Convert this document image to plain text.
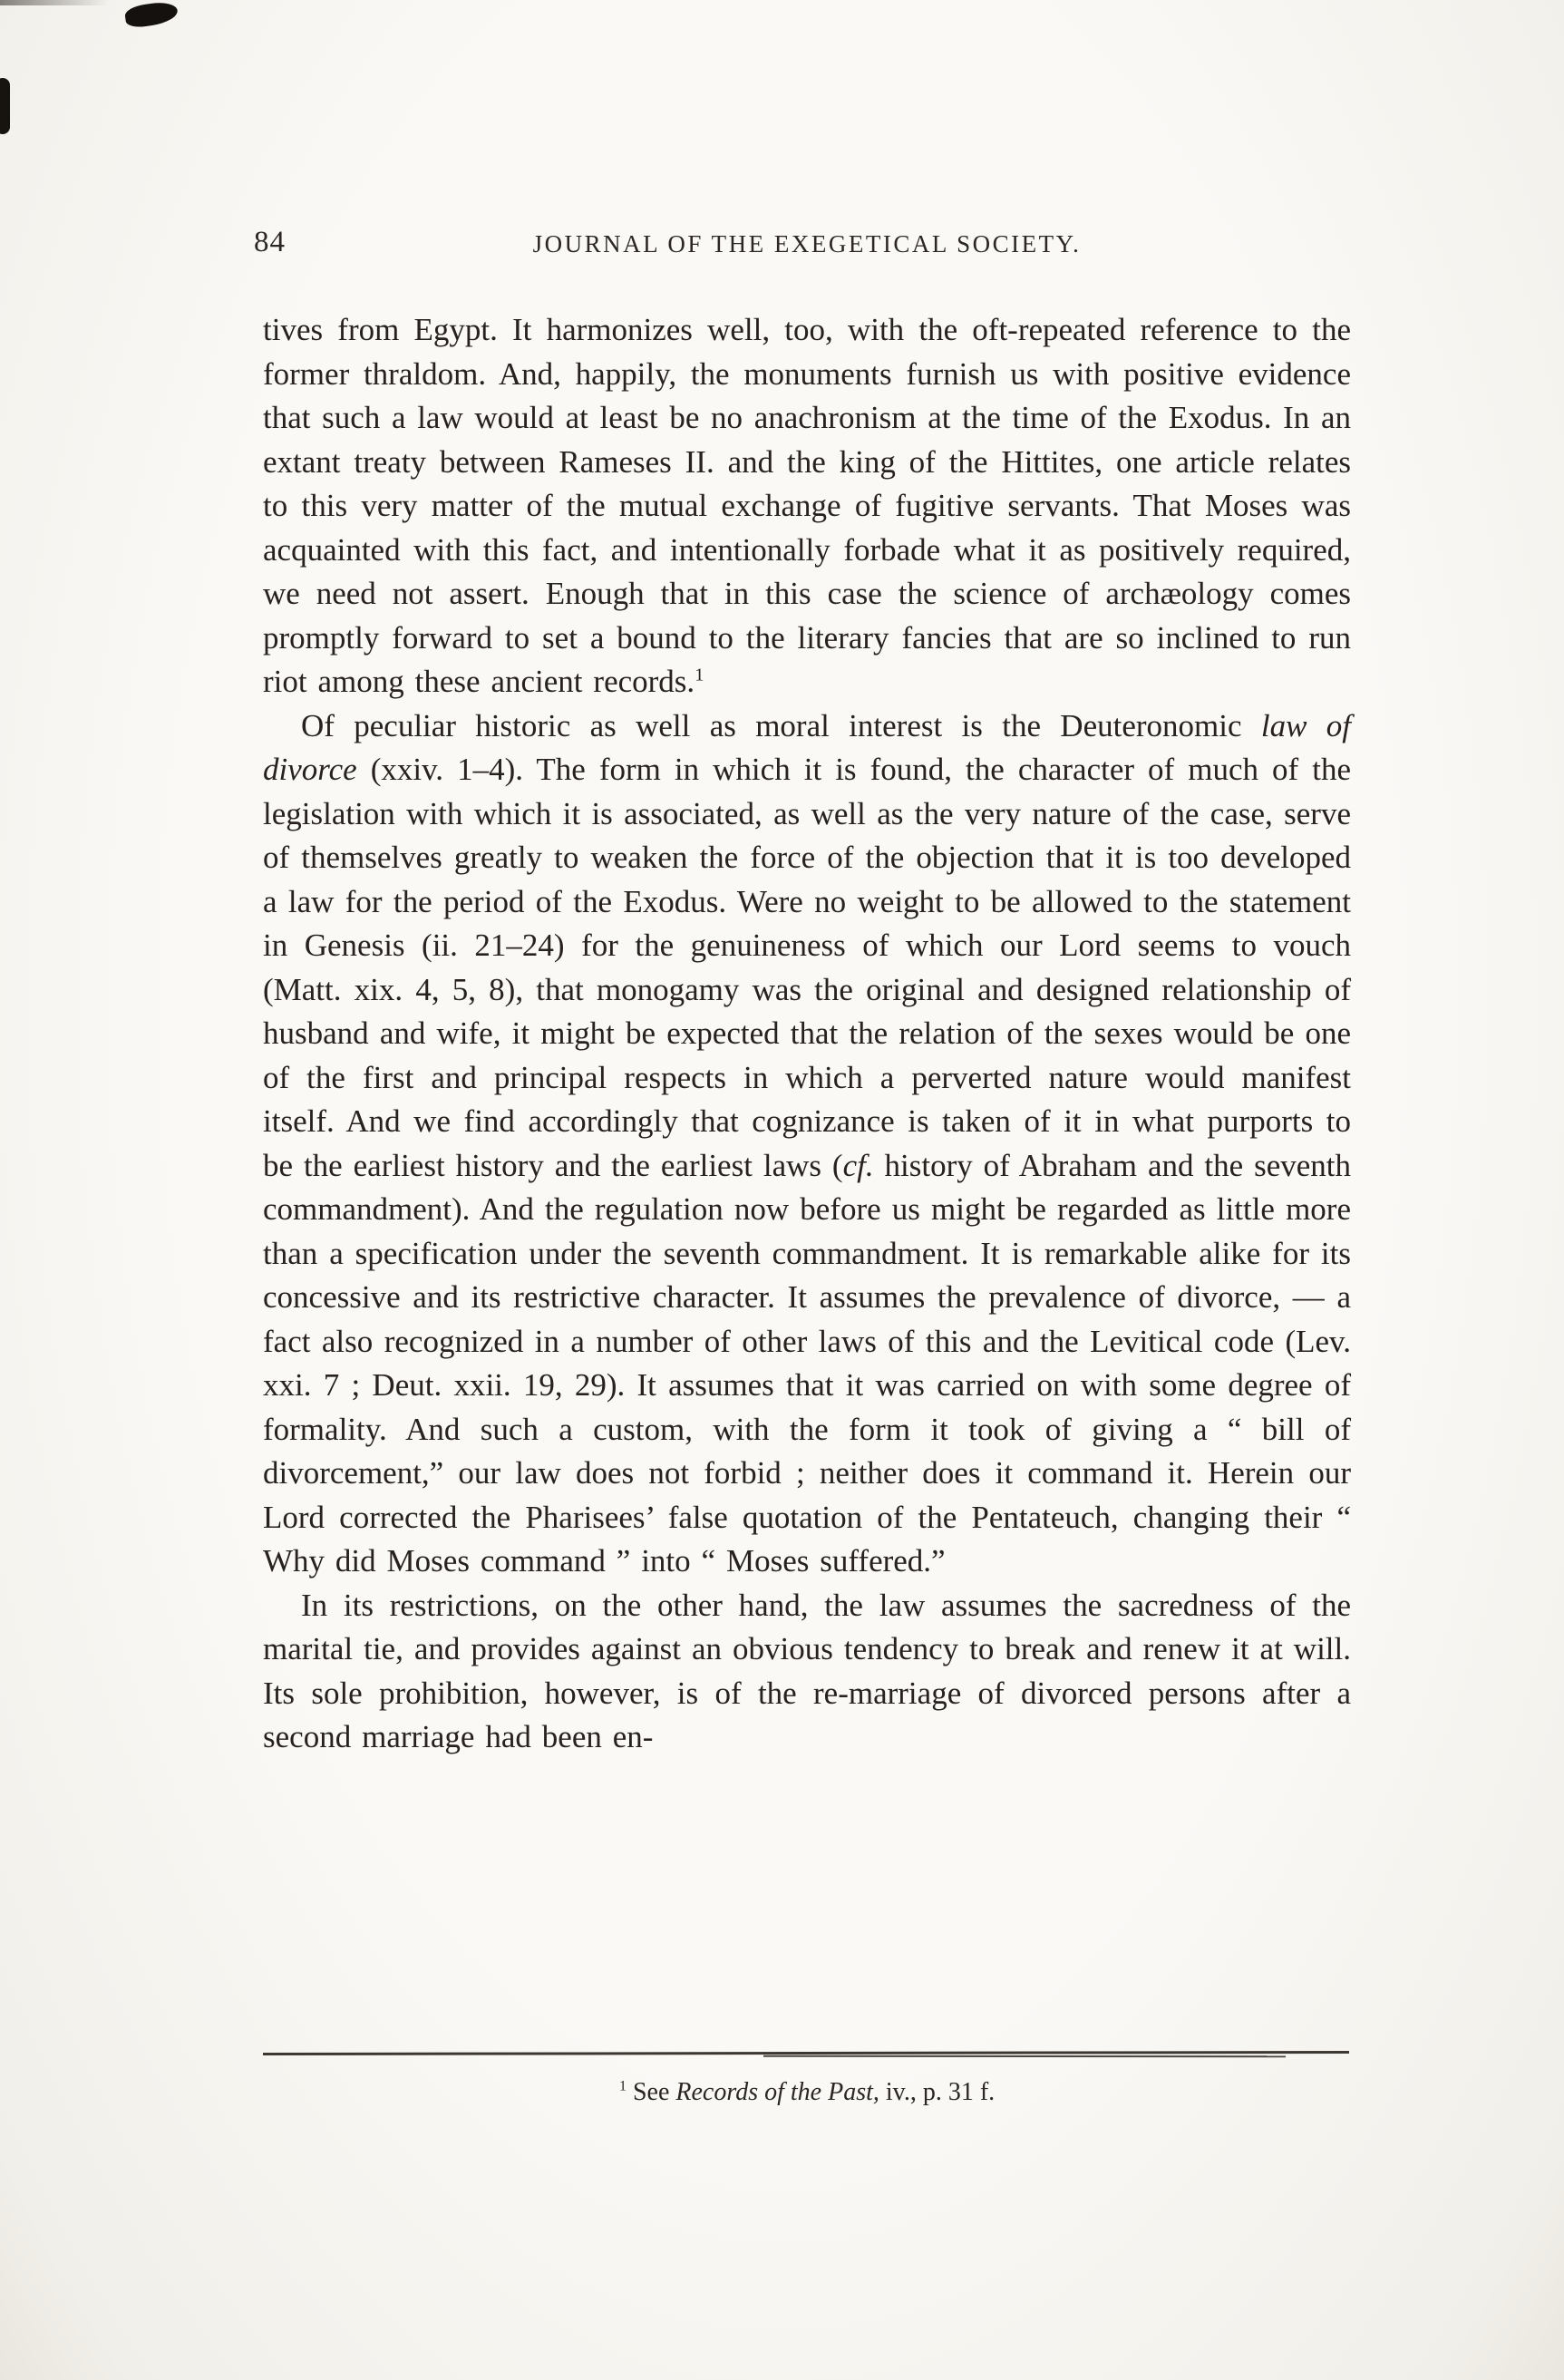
84	JOURNAL OF THE EXEGETICAL SOCIETY.

tives from Egypt. It harmonizes well, too, with the oft-repeated reference to the former thraldom. And, happily, the monuments furnish us with positive evidence that such a law would at least be no anachronism at the time of the Exodus. In an extant treaty between Rameses II. and the king of the Hittites, one article relates to this very matter of the mutual exchange of fugitive servants. That Moses was acquainted with this fact, and intentionally forbade what it as positively required, we need not assert. Enough that in this case the science of archæology comes promptly forward to set a bound to the literary fancies that are so inclined to run riot among these ancient records.$^1$

Of peculiar historic as well as moral interest is the Deuteronomic law of divorce (xxiv. 1–4). The form in which it is found, the character of much of the legislation with which it is associated, as well as the very nature of the case, serve of themselves greatly to weaken the force of the objection that it is too developed a law for the period of the Exodus. Were no weight to be allowed to the statement in Genesis (ii. 21–24) for the genuineness of which our Lord seems to vouch (Matt. xix. 4, 5, 8), that monogamy was the original and designed relationship of husband and wife, it might be expected that the relation of the sexes would be one of the first and principal respects in which a perverted nature would manifest itself. And we find accordingly that cognizance is taken of it in what purports to be the earliest history and the earliest laws (cf. history of Abraham and the seventh commandment). And the regulation now before us might be regarded as little more than a specification under the seventh commandment. It is remarkable alike for its concessive and its restrictive character. It assumes the prevalence of divorce, — a fact also recognized in a number of other laws of this and the Levitical code (Lev. xxi. 7 ; Deut. xxii. 19, 29). It assumes that it was carried on with some degree of formality. And such a custom, with the form it took of giving a “ bill of divorcement,” our law does not forbid ; neither does it command it. Herein our Lord corrected the Pharisees’ false quotation of the Pentateuch, changing their “ Why did Moses command ” into “ Moses suffered.”

In its restrictions, on the other hand, the law assumes the sacredness of the marital tie, and provides against an obvious tendency to break and renew it at will. Its sole prohibition, however, is of the re-marriage of divorced persons after a second marriage had been en-

$^1$ See Records of the Past, iv., p. 31 f.
